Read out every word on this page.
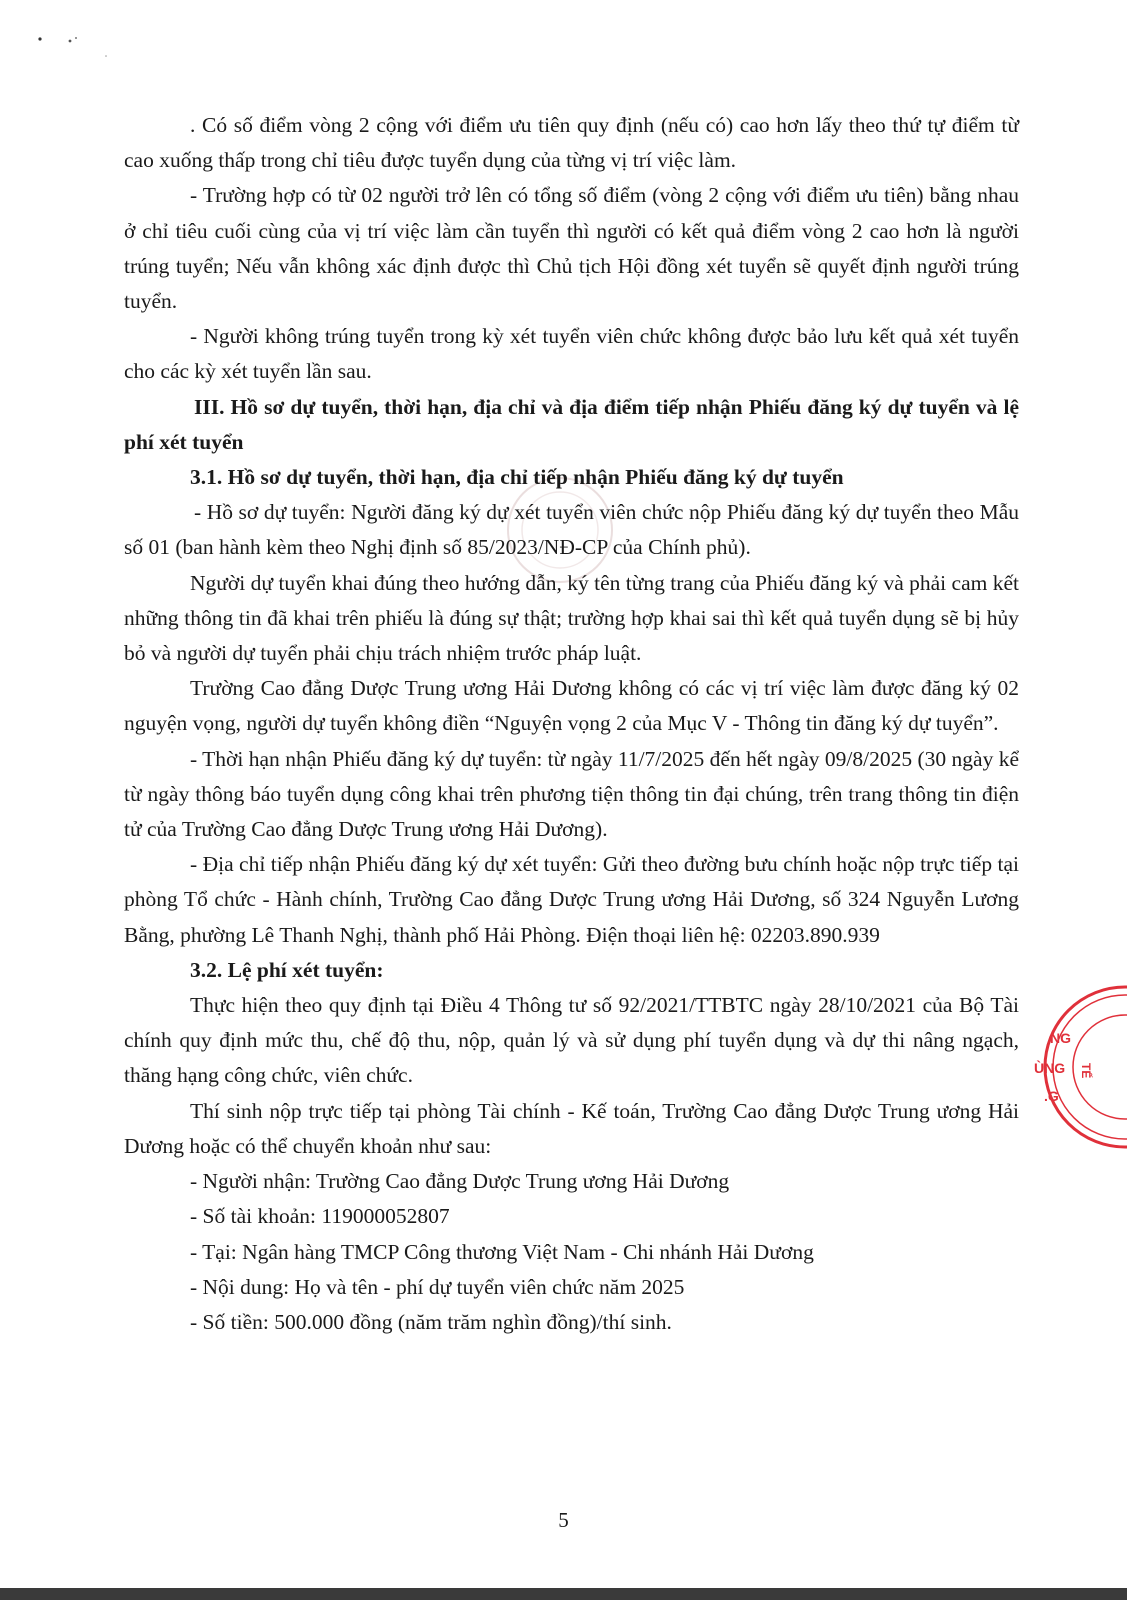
. Có số điểm vòng 2 cộng với điểm ưu tiên quy định (nếu có) cao hơn lấy theo thứ tự điểm từ cao xuống thấp trong chỉ tiêu được tuyển dụng của từng vị trí việc làm.

- Trường hợp có từ 02 người trở lên có tổng số điểm (vòng 2 cộng với điểm ưu tiên) bằng nhau ở chỉ tiêu cuối cùng của vị trí việc làm cần tuyển thì người có kết quả điểm vòng 2 cao hơn là người trúng tuyển; Nếu vẫn không xác định được thì Chủ tịch Hội đồng xét tuyển sẽ quyết định người trúng tuyển.

- Người không trúng tuyển trong kỳ xét tuyển viên chức không được bảo lưu kết quả xét tuyển cho các kỳ xét tuyển lần sau.

III. Hồ sơ dự tuyển, thời hạn, địa chỉ và địa điểm tiếp nhận Phiếu đăng ký dự tuyển và lệ phí xét tuyển

3.1. Hồ sơ dự tuyển, thời hạn, địa chỉ tiếp nhận Phiếu đăng ký dự tuyển

- Hồ sơ dự tuyển: Người đăng ký dự xét tuyển viên chức nộp Phiếu đăng ký dự tuyển theo Mẫu số 01 (ban hành kèm theo Nghị định số 85/2023/NĐ-CP của Chính phủ).

Người dự tuyển khai đúng theo hướng dẫn, ký tên từng trang của Phiếu đăng ký và phải cam kết những thông tin đã khai trên phiếu là đúng sự thật; trường hợp khai sai thì kết quả tuyển dụng sẽ bị hủy bỏ và người dự tuyển phải chịu trách nhiệm trước pháp luật.

Trường Cao đẳng Dược Trung ương Hải Dương không có các vị trí việc làm được đăng ký 02 nguyện vọng, người dự tuyển không điền “Nguyện vọng 2 của Mục V - Thông tin đăng ký dự tuyển”.

- Thời hạn nhận Phiếu đăng ký dự tuyển: từ ngày 11/7/2025 đến hết ngày 09/8/2025 (30 ngày kể từ ngày thông báo tuyển dụng công khai trên phương tiện thông tin đại chúng, trên trang thông tin điện tử của Trường Cao đẳng Dược Trung ương Hải Dương).

- Địa chỉ tiếp nhận Phiếu đăng ký dự xét tuyển: Gửi theo đường bưu chính hoặc nộp trực tiếp tại phòng Tổ chức - Hành chính, Trường Cao đẳng Dược Trung ương Hải Dương, số 324 Nguyễn Lương Bằng, phường Lê Thanh Nghị, thành phố Hải Phòng. Điện thoại liên hệ: 02203.890.939

3.2. Lệ phí xét tuyển:

Thực hiện theo quy định tại Điều 4 Thông tư số 92/2021/TTBTC ngày 28/10/2021 của Bộ Tài chính quy định mức thu, chế độ thu, nộp, quản lý và sử dụng phí tuyển dụng và dự thi nâng ngạch, thăng hạng công chức, viên chức.

Thí sinh nộp trực tiếp tại phòng Tài chính - Kế toán, Trường Cao đẳng Dược Trung ương Hải Dương hoặc có thể chuyển khoản như sau:

- Người nhận: Trường Cao đẳng Dược Trung ương Hải Dương

- Số tài khoản: 119000052807

- Tại: Ngân hàng TMCP Công thương Việt Nam - Chi nhánh Hải Dương

- Nội dung: Họ và tên - phí dự tuyển viên chức năm 2025

- Số tiền: 500.000 đồng (năm trăm nghìn đồng)/thí sinh.

NG
ÙNG
.G
TẾ
5
